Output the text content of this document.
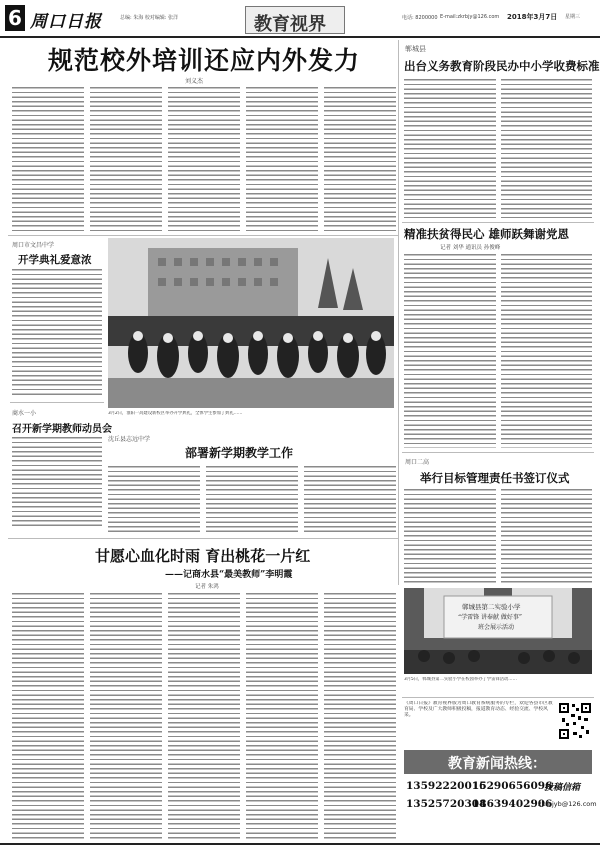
6 周口日报	总编: 朱海 校对编辑: 张洋	教育视界	电话: 8200000 E-mail:zkrbjy@126.com 2018年3月7日 星期三
规范校外培训还应内外发力
刘义杰
郸城县
出台义务教育阶段民办中小学收费标准
周口市文昌中学
开学典礼爱意浓
商水一小
召开新学期教师动员会
3月2日，淮阳一高建设新校区举办开学典礼，全体学生参加了典礼……
沈丘县志远中学
部署新学期教学工作
甘愿心血化时雨 育出桃花一片红
——记商水县“最美教师”李明霞
记者 朱鸿
精准扶贫得民心 雄师跃舞谢党恩
记者 刘华 通讯员 孙俊峰
周口二高
举行目标管理责任书签订仪式
郸城县第二实验小学
“学雷锋 讲奉献 做好事”
班会展示活动
3月5日，郸城县第二实验小学在校园举办了学雷锋活动……
《周口日报》教育视界版为周口教育系统服务的专栏，欢迎各县市区教育局、学校及广大教师积极投稿，报道教育动态、经验交流、学校风采。
教育新闻热线：
13592220016
15290656096
13525720304
18639402906
投稿信箱
zkrbjyb@126.com
